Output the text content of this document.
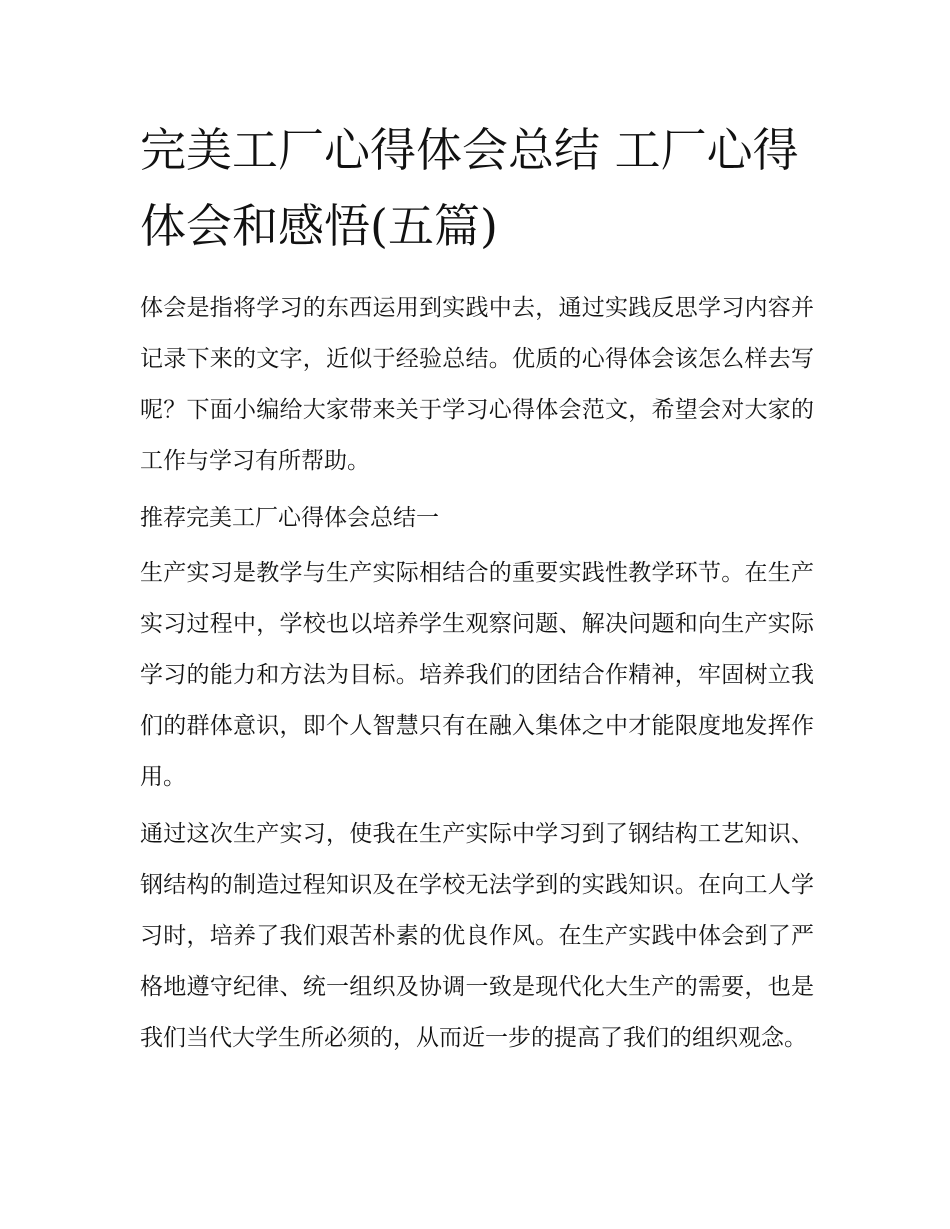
完美工厂心得体会总结 工厂心得体会和感悟(五篇)

体会是指将学习的东西运用到实践中去，通过实践反思学习内容并记录下来的文字，近似于经验总结。优质的心得体会该怎么样去写呢？下面小编给大家带来关于学习心得体会范文，希望会对大家的工作与学习有所帮助。

推荐完美工厂心得体会总结一

生产实习是教学与生产实际相结合的重要实践性教学环节。在生产实习过程中，学校也以培养学生观察问题、解决问题和向生产实际学习的能力和方法为目标。培养我们的团结合作精神，牢固树立我们的群体意识，即个人智慧只有在融入集体之中才能限度地发挥作用。

通过这次生产实习，使我在生产实际中学习到了钢结构工艺知识、钢结构的制造过程知识及在学校无法学到的实践知识。在向工人学习时，培养了我们艰苦朴素的优良作风。在生产实践中体会到了严格地遵守纪律、统一组织及协调一致是现代化大生产的需要，也是我们当代大学生所必须的，从而近一步的提高了我们的组织观念。
